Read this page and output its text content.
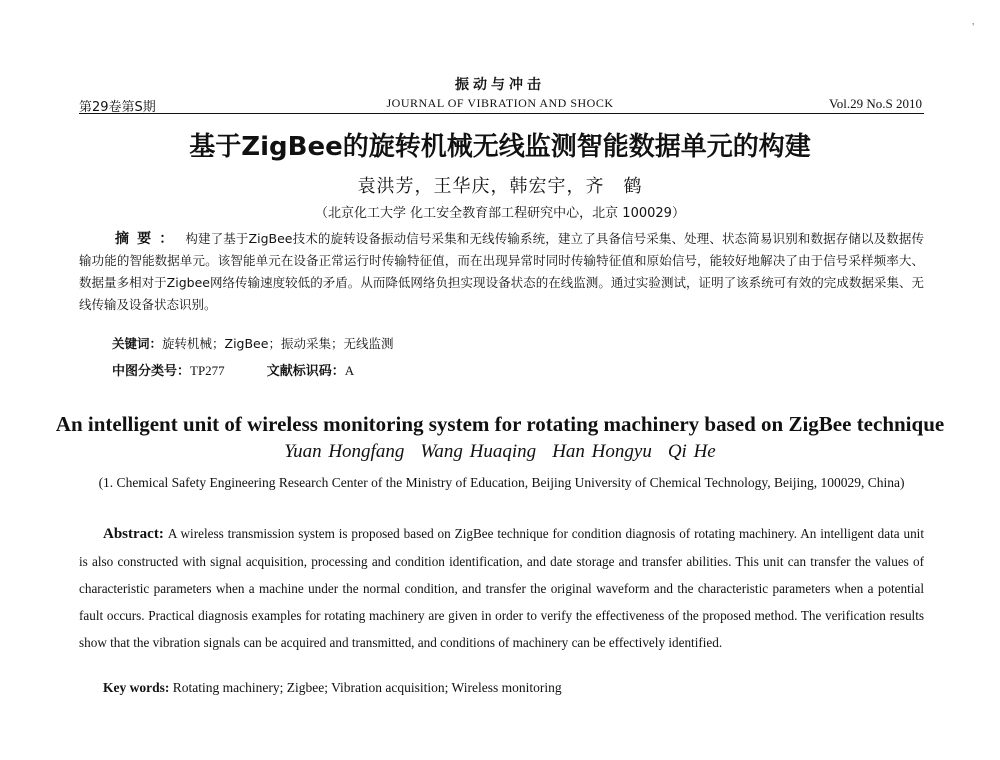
振动与冲击
第29卷第S期	JOURNAL OF VIBRATION AND SHOCK	Vol.29 No.S 2010
'
基于ZigBee的旋转机械无线监测智能数据单元的构建
袁洪芳，王华庆，韩宏宇，齐　鹤
（北京化工大学 化工安全教育部工程研究中心，北京 100029）
摘要： 构建了基于ZigBee技术的旋转设备振动信号采集和无线传输系统，建立了具备信号采集、处理、状态简易识别和数据存储以及数据传输功能的智能数据单元。该智能单元在设备正常运行时传输特征值，而在出现异常时同时传输特征值和原始信号，能较好地解决了由于信号采样频率大、数据量多相对于Zigbee网络传输速度较低的矛盾。从而降低网络负担实现设备状态的在线监测。通过实验测试，证明了该系统可有效的完成数据采集、无线传输及设备状态识别。
关键词：旋转机械；ZigBee；振动采集；无线监测
中图分类号：TP277	文献标识码：A
An intelligent unit of wireless monitoring system for rotating machinery based on ZigBee technique
Yuan Hongfang Wang Huaqing Han Hongyu Qi He
(1. Chemical Safety Engineering Research Center of the Ministry of Education, Beijing University of Chemical Technology, Beijing, 100029, China)
Abstract: A wireless transmission system is proposed based on ZigBee technique for condition diagnosis of rotating machinery. An intelligent data unit is also constructed with signal acquisition, processing and condition identification, and date storage and transfer abilities. This unit can transfer the values of characteristic parameters when a machine under the normal condition, and transfer the original waveform and the characteristic parameters when a potential fault occurs. Practical diagnosis examples for rotating machinery are given in order to verify the effectiveness of the proposed method. The verification results show that the vibration signals can be acquired and transmitted, and conditions of machinery can be effectively identified.
Key words: Rotating machinery; Zigbee; Vibration acquisition; Wireless monitoring
